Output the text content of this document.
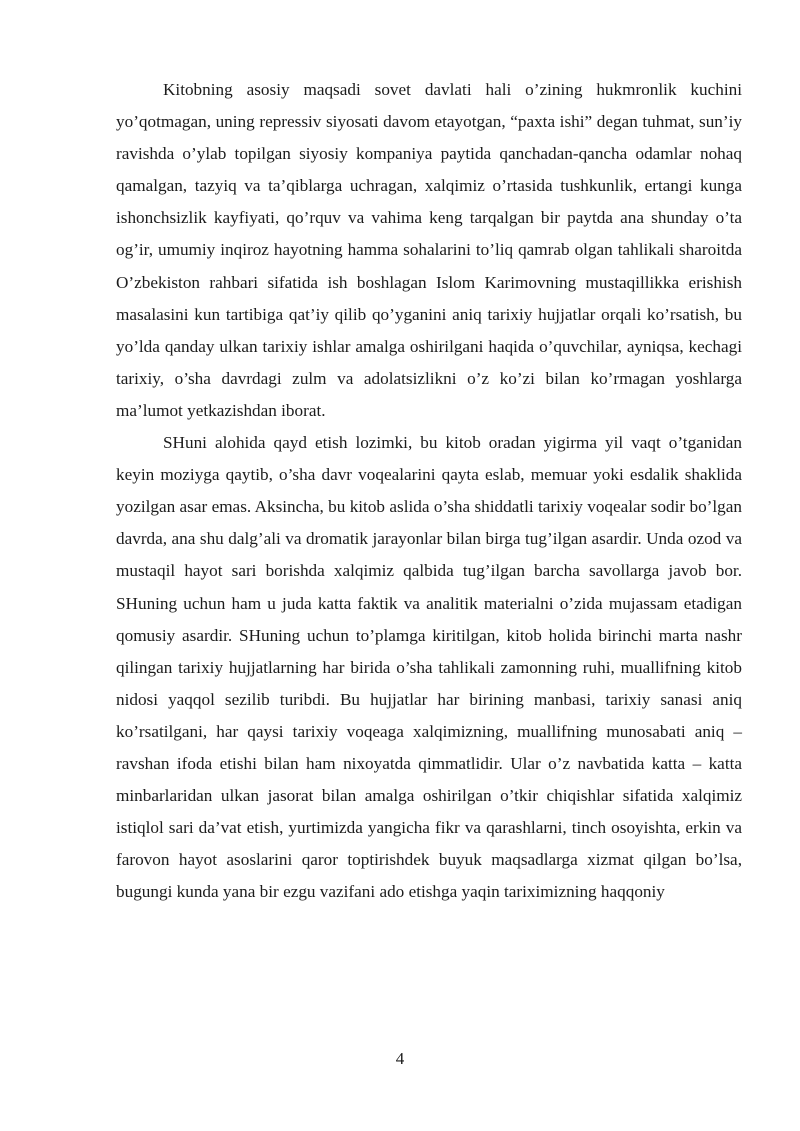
Kitobning asosiy maqsadi sovet davlati hali o’zining hukmronlik kuchini yo’qotmagan, uning repressiv siyosati davom etayotgan, “paxta ishi” degan tuhmat, sun’iy ravishda o’ylab topilgan siyosiy kompaniya paytida qanchadan-qancha odamlar nohaq qamalgan, tazyiq va ta’qiblarga uchragan, xalqimiz o’rtasida tushkunlik, ertangi kunga ishonchsizlik kayfiyati, qo’rquv va vahima keng tarqalgan bir paytda ana shunday o’ta og’ir, umumiy inqiroz hayotning hamma sohalarini to’liq qamrab olgan tahlikali sharoitda O’zbekiston rahbari sifatida ish boshlagan Islom Karimovning mustaqillikka erishish masalasini kun tartibiga qat’iy qilib qo’yganini aniq tarixiy hujjatlar orqali ko’rsatish, bu yo’lda qanday ulkan tarixiy ishlar amalga oshirilgani haqida o’quvchilar, ayniqsa, kechagi tarixiy, o’sha davrdagi zulm va adolatsizlikni o’z ko’zi bilan ko’rmagan yoshlarga ma’lumot yetkazishdan iborat.

SHuni alohida qayd etish lozimki, bu kitob oradan yigirma yil vaqt o’tganidan keyin moziyga qaytib, o’sha davr voqealarini qayta eslab, memuar yoki esdalik shaklida yozilgan asar emas. Aksincha, bu kitob aslida o’sha shiddatli tarixiy voqealar sodir bo’lgan davrda, ana shu dalg’ali va dromatik jarayonlar bilan birga tug’ilgan asardir. Unda ozod va mustaqil hayot sari borishda xalqimiz qalbida tug’ilgan barcha savollarga javob bor. SHuning uchun ham u juda katta faktik va analitik materialni o’zida mujassam etadigan qomusiy asardir. SHuning uchun to’plamga kiritilgan, kitob holida birinchi marta nashr qilingan tarixiy hujjatlarning har birida o’sha tahlikali zamonning ruhi, muallifning kitob nidosi yaqqol sezilib turibdi. Bu hujjatlar har birining manbasi, tarixiy sanasi aniq ko’rsatilgani, har qaysi tarixiy voqeaga xalqimizning, muallifning munosabati aniq – ravshan ifoda etishi bilan ham nixoyatda qimmatlidir. Ular o’z navbatida katta – katta minbarlaridan ulkan jasorat bilan amalga oshirilgan o’tkir chiqishlar sifatida xalqimiz istiqlol sari da’vat etish, yurtimizda yangicha fikr va qarashlarni, tinch osoyishta, erkin va farovon hayot asoslarini qaror toptirishdek buyuk maqsadlarga xizmat qilgan bo’lsa, bugungi kunda yana bir ezgu vazifani ado etishga yaqin tariximizning haqqoniy

4
